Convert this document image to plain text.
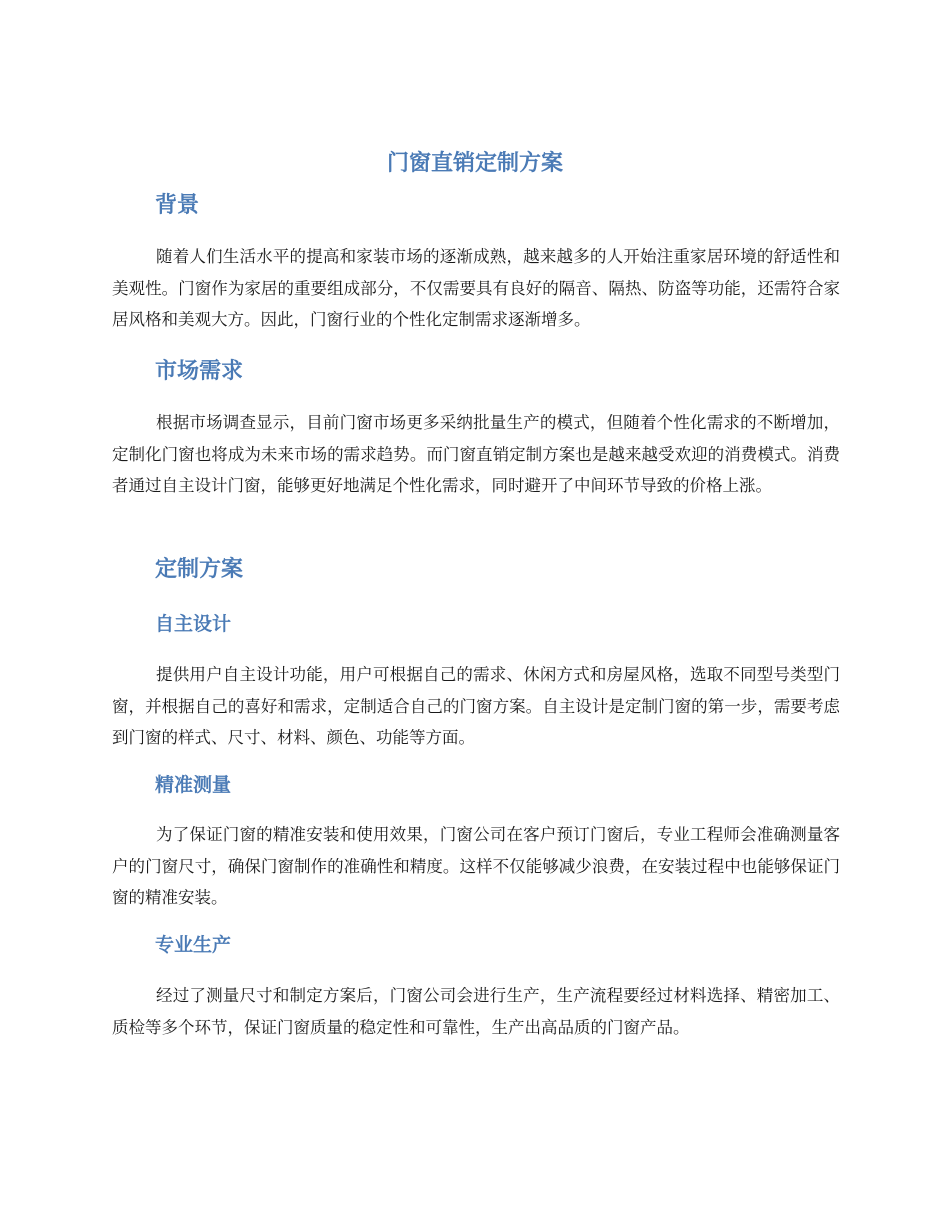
门窗直销定制方案
背景

随着人们生活水平的提高和家装市场的逐渐成熟，越来越多的人开始注重家居环境的舒适性和美观性。门窗作为家居的重要组成部分，不仅需要具有良好的隔音、隔热、防盗等功能，还需符合家居风格和美观大方。因此，门窗行业的个性化定制需求逐渐增多。

市场需求

根据市场调查显示，目前门窗市场更多采纳批量生产的模式，但随着个性化需求的不断增加，定制化门窗也将成为未来市场的需求趋势。而门窗直销定制方案也是越来越受欢迎的消费模式。消费者通过自主设计门窗，能够更好地满足个性化需求，同时避开了中间环节导致的价格上涨。

定制方案
自主设计

提供用户自主设计功能，用户可根据自己的需求、休闲方式和房屋风格，选取不同型号类型门窗，并根据自己的喜好和需求，定制适合自己的门窗方案。自主设计是定制门窗的第一步，需要考虑到门窗的样式、尺寸、材料、颜色、功能等方面。

精准测量

为了保证门窗的精准安装和使用效果，门窗公司在客户预订门窗后，专业工程师会准确测量客户的门窗尺寸，确保门窗制作的准确性和精度。这样不仅能够减少浪费，在安装过程中也能够保证门窗的精准安装。

专业生产

经过了测量尺寸和制定方案后，门窗公司会进行生产，生产流程要经过材料选择、精密加工、质检等多个环节，保证门窗质量的稳定性和可靠性，生产出高品质的门窗产品。
